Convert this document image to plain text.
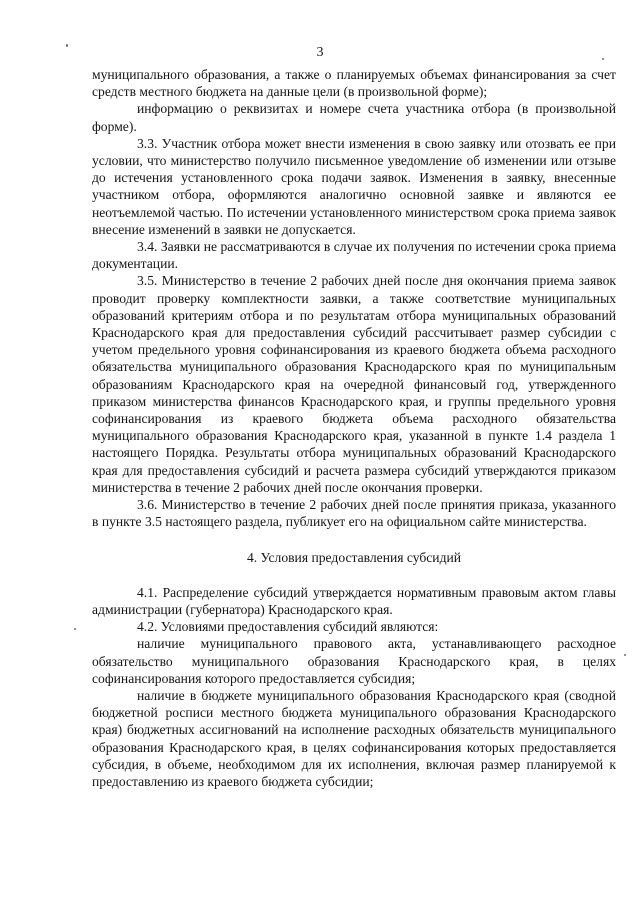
3

муниципального образования, а также о планируемых объемах финансирования за счет средств местного бюджета на данные цели (в произвольной форме);

информацию о реквизитах и номере счета участника отбора (в произвольной форме).

3.3. Участник отбора может внести изменения в свою заявку или отозвать ее при условии, что министерство получило письменное уведомление об изменении или отзыве до истечения установленного срока подачи заявок. Изменения в заявку, внесенные участником отбора, оформляются аналогично основной заявке и являются ее неотъемлемой частью. По истечении установленного министерством срока приема заявок внесение изменений в заявки не допускается.

3.4. Заявки не рассматриваются в случае их получения по истечении срока приема документации.

3.5. Министерство в течение 2 рабочих дней после дня окончания приема заявок проводит проверку комплектности заявки, а также соответствие муниципальных образований критериям отбора и по результатам отбора муниципальных образований Краснодарского края для предоставления субсидий рассчитывает размер субсидии с учетом предельного уровня софинансирования из краевого бюджета объема расходного обязательства муниципального образования Краснодарского края по муниципальным образованиям Краснодарского края на очередной финансовый год, утвержденного приказом министерства финансов Краснодарского края, и группы предельного уровня софинансирования из краевого бюджета объема расходного обязательства муниципального образования Краснодарского края, указанной в пункте 1.4 раздела 1 настоящего Порядка. Результаты отбора муниципальных образований Краснодарского края для предоставления субсидий и расчета размера субсидий утверждаются приказом министерства в течение 2 рабочих дней после окончания проверки.

3.6. Министерство в течение 2 рабочих дней после принятия приказа, указанного в пункте 3.5 настоящего раздела, публикует его на официальном сайте министерства.

4. Условия предоставления субсидий

4.1. Распределение субсидий утверждается нормативным правовым актом главы администрации (губернатора) Краснодарского края.

4.2. Условиями предоставления субсидий являются:

наличие муниципального правового акта, устанавливающего расходное обязательство муниципального образования Краснодарского края, в целях софинансирования которого предоставляется субсидия;

наличие в бюджете муниципального образования Краснодарского края (сводной бюджетной росписи местного бюджета муниципального образования Краснодарского края) бюджетных ассигнований на исполнение расходных обязательств муниципального образования Краснодарского края, в целях софинансирования которых предоставляется субсидия, в объеме, необходимом для их исполнения, включая размер планируемой к предоставлению из краевого бюджета субсидии;
